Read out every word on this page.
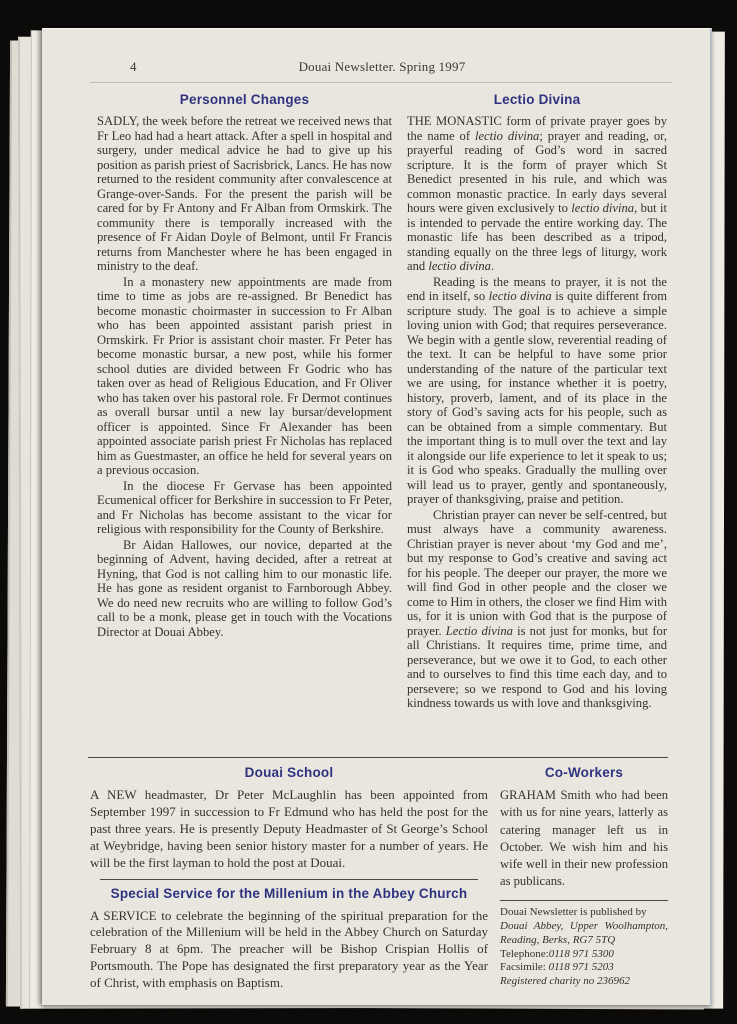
4	Douai Newsletter. Spring 1997
Personnel Changes

SADLY, the week before the retreat we received news that Fr Leo had had a heart attack. After a spell in hospital and surgery, under medical advice he had to give up his position as parish priest of Sacrisbrick, Lancs. He has now returned to the resident community after convalescence at Grange-over-Sands. For the present the parish will be cared for by Fr Antony and Fr Alban from Ormskirk. The community there is temporally increased with the presence of Fr Aidan Doyle of Belmont, until Fr Francis returns from Manchester where he has been engaged in ministry to the deaf.

In a monastery new appointments are made from time to time as jobs are re-assigned. Br Benedict has become monastic choirmaster in succession to Fr Alban who has been appointed assistant parish priest in Ormskirk. Fr Prior is assistant choir master. Fr Peter has become monastic bursar, a new post, while his former school duties are divided between Fr Godric who has taken over as head of Religious Education, and Fr Oliver who has taken over his pastoral role. Fr Dermot continues as overall bursar until a new lay bursar/development officer is appointed. Since Fr Alexander has been appointed associate parish priest Fr Nicholas has replaced him as Guestmaster, an office he held for several years on a previous occasion.

In the diocese Fr Gervase has been appointed Ecumenical officer for Berkshire in succession to Fr Peter, and Fr Nicholas has become assistant to the vicar for religious with responsibility for the County of Berkshire.

Br Aidan Hallowes, our novice, departed at the beginning of Advent, having decided, after a retreat at Hyning, that God is not calling him to our monastic life. He has gone as resident organist to Farnborough Abbey. We do need new recruits who are willing to follow God’s call to be a monk, please get in touch with the Vocations Director at Douai Abbey.

Lectio Divina

THE MONASTIC form of private prayer goes by the name of lectio divina; prayer and reading, or, prayerful reading of God’s word in sacred scripture. It is the form of prayer which St Benedict presented in his rule, and which was common monastic practice. In early days several hours were given exclusively to lectio divina, but it is intended to pervade the entire working day. The monastic life has been described as a tripod, standing equally on the three legs of liturgy, work and lectio divina.

Reading is the means to prayer, it is not the end in itself, so lectio divina is quite different from scripture study. The goal is to achieve a simple loving union with God; that requires perseverance. We begin with a gentle slow, reverential reading of the text. It can be helpful to have some prior understanding of the nature of the particular text we are using, for instance whether it is poetry, history, proverb, lament, and of its place in the story of God’s saving acts for his people, such as can be obtained from a simple commentary. But the important thing is to mull over the text and lay it alongside our life experience to let it speak to us; it is God who speaks. Gradually the mulling over will lead us to prayer, gently and spontaneously, prayer of thanksgiving, praise and petition.

Christian prayer can never be self-centred, but must always have a community awareness. Christian prayer is never about ‘my God and me’, but my response to God’s creative and saving act for his people. The deeper our prayer, the more we will find God in other people and the closer we come to Him in others, the closer we find Him with us, for it is union with God that is the purpose of prayer. Lectio divina is not just for monks, but for all Christians. It requires time, prime time, and perseverance, but we owe it to God, to each other and to ourselves to find this time each day, and to persevere; so we respond to God and his loving kindness towards us with love and thanksgiving.

Douai School

A NEW headmaster, Dr Peter McLaughlin has been appointed from September 1997 in succession to Fr Edmund who has held the post for the past three years. He is presently Deputy Headmaster of St George’s School at Weybridge, having been senior history master for a number of years. He will be the first layman to hold the post at Douai.

Special Service for the Millenium in the Abbey Church

A SERVICE to celebrate the beginning of the spiritual preparation for the celebration of the Millenium will be held in the Abbey Church on Saturday February 8 at 6pm. The preacher will be Bishop Crispian Hollis of Portsmouth. The Pope has designated the first preparatory year as the Year of Christ, with emphasis on Baptism.

Co-Workers

GRAHAM Smith who had been with us for nine years, latterly as catering manager left us in October. We wish him and his wife well in their new profession as publicans.

Douai Newsletter is published by
Douai Abbey, Upper Woolhampton, Reading, Berks, RG7 5TQ
Telephone:0118 971 5300
Facsimile: 0118 971 5203
Registered charity no 236962
